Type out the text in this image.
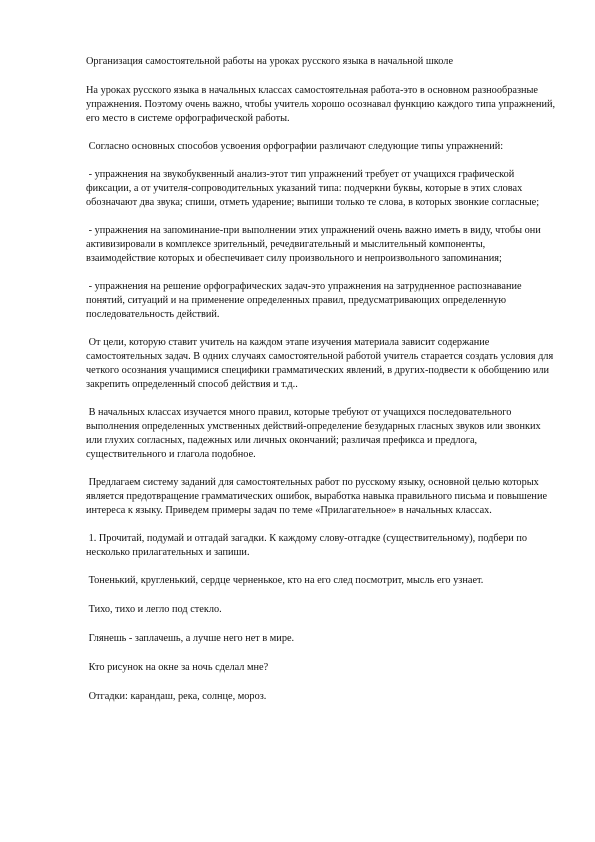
Организация самостоятельной работы на уроках русского языка в начальной школе

На уроках русского языка в начальных классах самостоятельная работа-это в основном разнообразные упражнения. Поэтому очень важно, чтобы учитель хорошо осознавал функцию каждого типа упражнений, его место в системе орфографической работы.

Согласно основных способов усвоения орфографии различают следующие типы упражнений:

- упражнения на звукобуквенный анализ-этот тип упражнений требует от учащихся графической фиксации, а от учителя-сопроводительных указаний типа: подчеркни буквы, которые в этих словах обозначают два звука; спиши, отметь ударение; выпиши только те слова, в которых звонкие согласные;

- упражнения на запоминание-при выполнении этих упражнений очень важно иметь в виду, чтобы они активизировали в комплексе зрительный, речедвигательный и мыслительный компоненты, взаимодействие которых и обеспечивает силу произвольного и непроизвольного запоминания;

- упражнения на решение орфографических задач-это упражнения на затрудненное распознавание понятий, ситуаций и на применение определенных правил, предусматривающих определенную последовательность действий.

От цели, которую ставит учитель на каждом этапе изучения материала зависит содержание самостоятельных задач. В одних случаях самостоятельной работой учитель старается создать условия для четкого осознания учащимися специфики грамматических явлений, в других-подвести к обобщению или закрепить определенный способ действия и т.д..

В начальных классах изучается много правил, которые требуют от учащихся последовательного выполнения определенных умственных действий-определение безударных гласных звуков или звонких или глухих согласных, падежных или личных окончаний; различая префикса и предлога, существительного и глагола подобное.

Предлагаем систему заданий для самостоятельных работ по русскому языку, основной целью которых является предотвращение грамматических ошибок, выработка навыка правильного письма и повышение интереса к языку. Приведем примеры задач по теме «Прилагательное» в начальных классах.

1. Прочитай, подумай и отгадай загадки. К каждому слову-отгадке (существительному), подбери по несколько прилагательных и запиши.

Тоненький, кругленький, сердце черненькое, кто на его след посмотрит, мысль его узнает.

Тихо, тихо и легло под стекло.

Глянешь - заплачешь, а лучше него нет в мире.

Кто рисунок на окне за ночь сделал мне?

Отгадки: карандаш, река, солнце, мороз.
